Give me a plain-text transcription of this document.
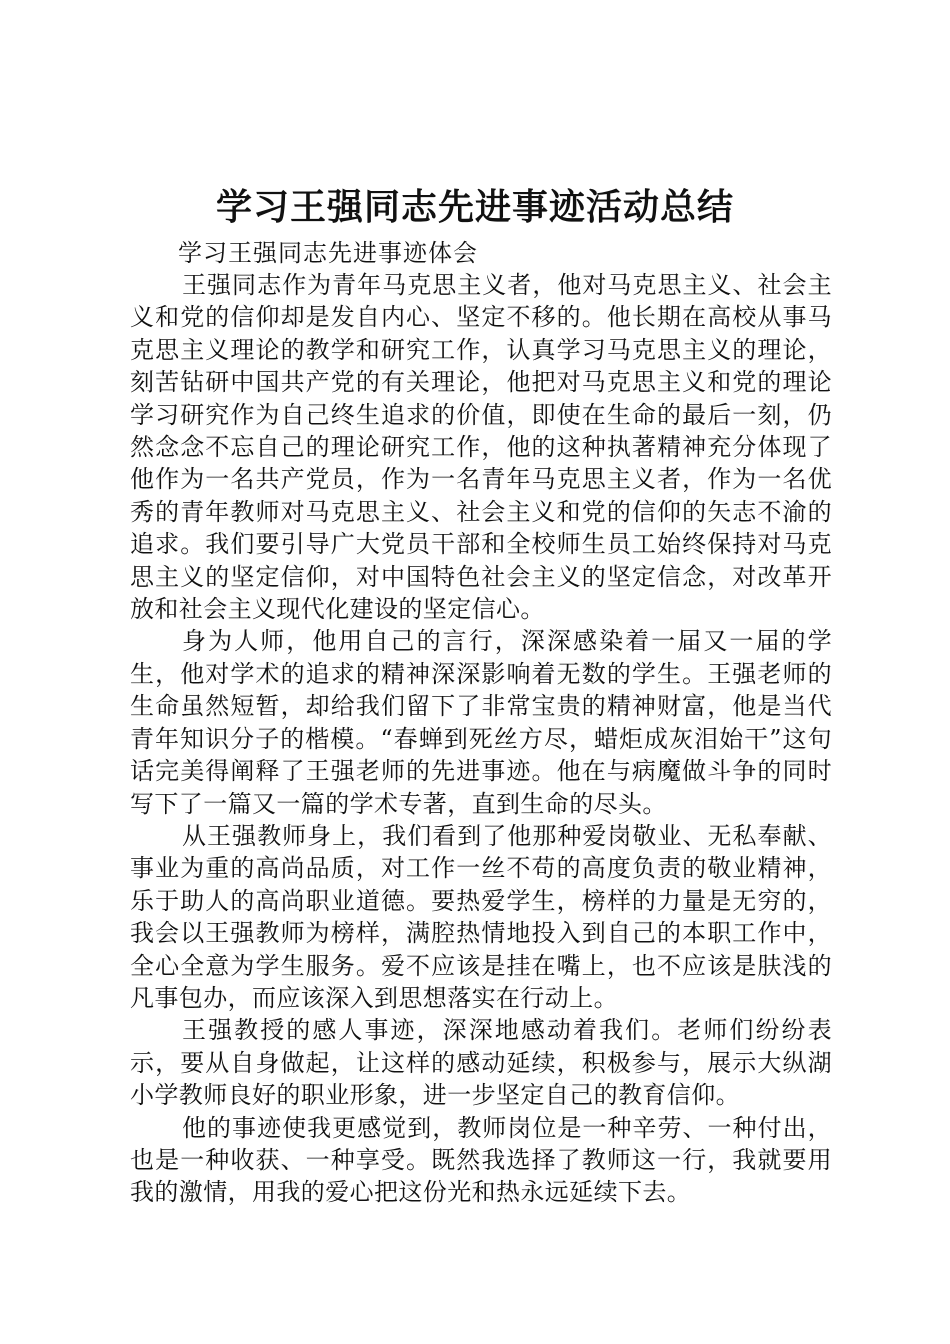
学习王强同志先进事迹活动总结

学习王强同志先进事迹体会

王强同志作为青年马克思主义者，他对马克思主义、社会主义和党的信仰却是发自内心、坚定不移的。他长期在高校从事马克思主义理论的教学和研究工作，认真学习马克思主义的理论，刻苦钻研中国共产党的有关理论，他把对马克思主义和党的理论学习研究作为自己终生追求的价值，即使在生命的最后一刻，仍然念念不忘自己的理论研究工作，他的这种执著精神充分体现了他作为一名共产党员，作为一名青年马克思主义者，作为一名优秀的青年教师对马克思主义、社会主义和党的信仰的矢志不渝的追求。我们要引导广大党员干部和全校师生员工始终保持对马克思主义的坚定信仰，对中国特色社会主义的坚定信念，对改革开放和社会主义现代化建设的坚定信心。

身为人师，他用自己的言行，深深感染着一届又一届的学生，他对学术的追求的精神深深影响着无数的学生。王强老师的生命虽然短暂，却给我们留下了非常宝贵的精神财富，他是当代青年知识分子的楷模。“春蝉到死丝方尽，蜡炬成灰泪始干”这句话完美得阐释了王强老师的先进事迹。他在与病魔做斗争的同时写下了一篇又一篇的学术专著，直到生命的尽头。

从王强教师身上，我们看到了他那种爱岗敬业、无私奉献、事业为重的高尚品质，对工作一丝不苟的高度负责的敬业精神，乐于助人的高尚职业道德。要热爱学生，榜样的力量是无穷的，我会以王强教师为榜样，满腔热情地投入到自己的本职工作中，全心全意为学生服务。爱不应该是挂在嘴上，也不应该是肤浅的凡事包办，而应该深入到思想落实在行动上。

王强教授的感人事迹，深深地感动着我们。老师们纷纷表示，要从自身做起，让这样的感动延续，积极参与，展示大纵湖小学教师良好的职业形象，进一步坚定自己的教育信仰。

他的事迹使我更感觉到，教师岗位是一种辛劳、一种付出，也是一种收获、一种享受。既然我选择了教师这一行，我就要用我的激情，用我的爱心把这份光和热永远延续下去。
